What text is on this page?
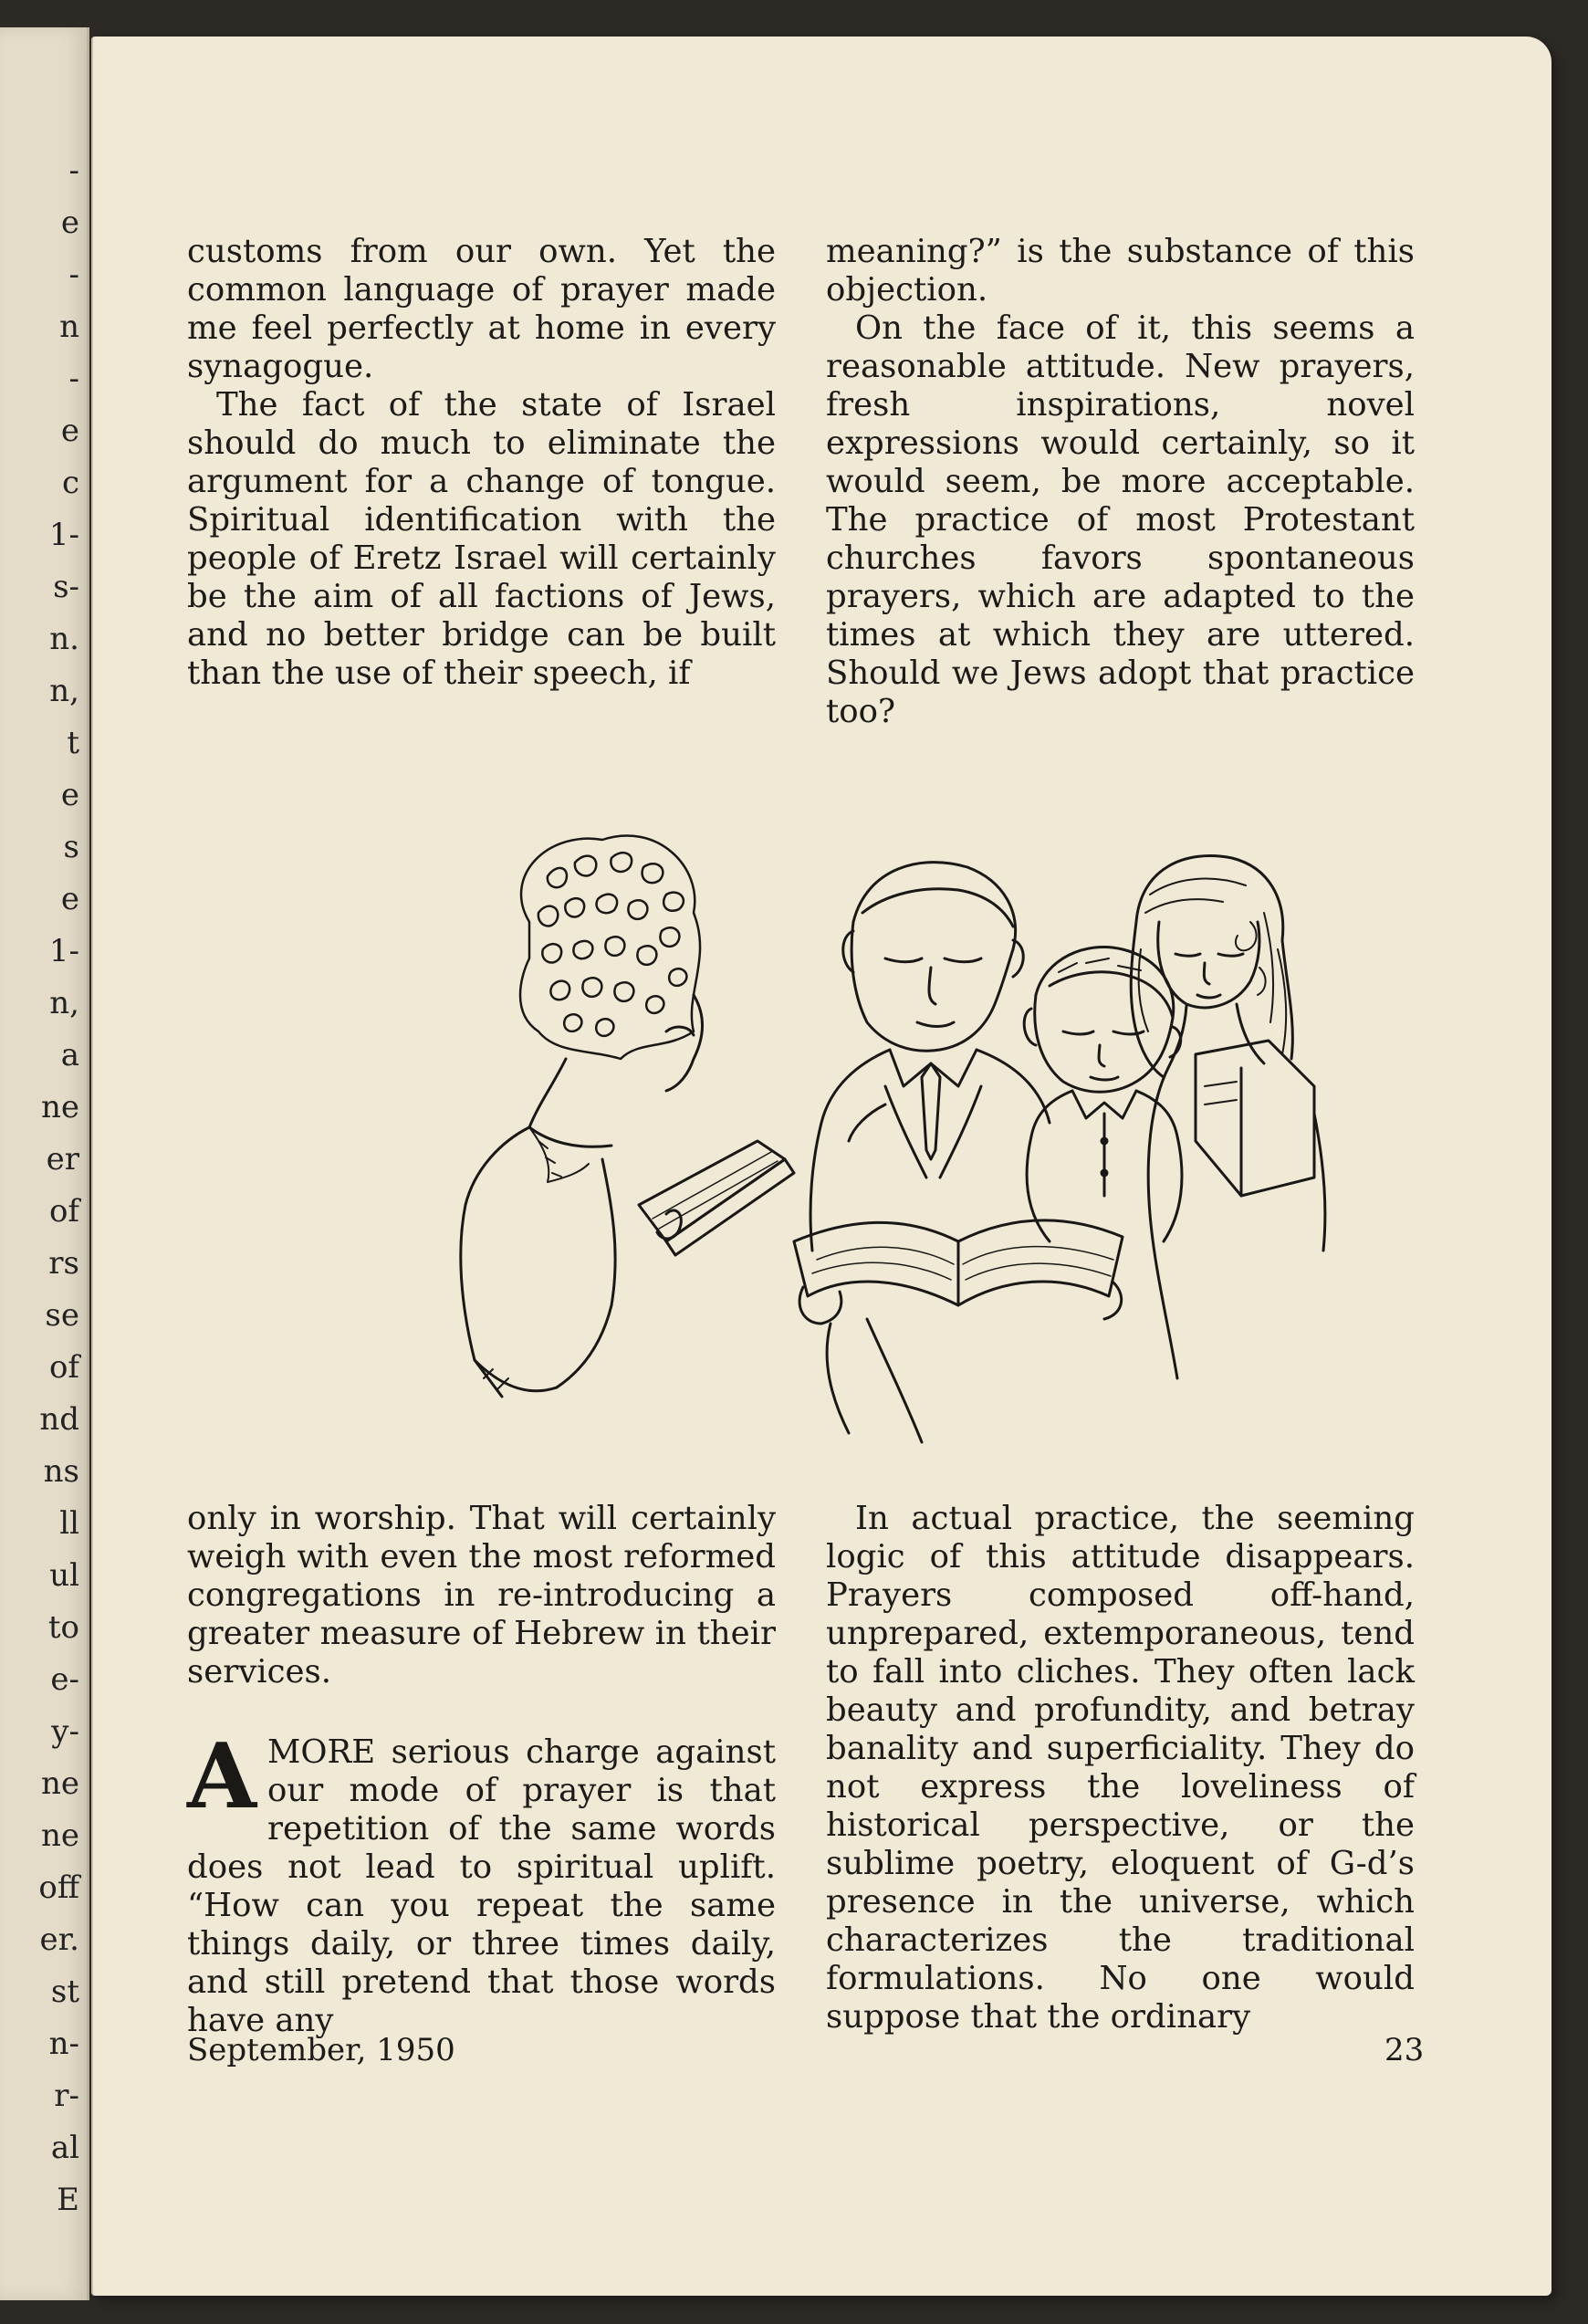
-
e
-
n
-
e
c
1-
s-
n.
n,
t
e
s
e
1-
n,
a
ne
er
of
rs
se
of
nd
ns
ll
ul
to
e-
y-
ne
ne
off
er.
st
n-
r-
al
E

customs from our own. Yet the common language of prayer made me feel perfectly at home in every synagogue.

The fact of the state of Israel should do much to eliminate the argument for a change of tongue. Spiritual identification with the people of Eretz Israel will certainly be the aim of all factions of Jews, and no better bridge can be built than the use of their speech, if

meaning?” is the substance of this objection.

On the face of it, this seems a reasonable attitude. New prayers, fresh inspirations, novel expressions would certainly, so it would seem, be more acceptable. The practice of most Protestant churches favors spontaneous prayers, which are adapted to the times at which they are uttered. Should we Jews adopt that practice too?

only in worship. That will certainly weigh with even the most reformed congregations in re-introducing a greater measure of Hebrew in their services.

AMORE serious charge against our mode of prayer is that repetition of the same words does not lead to spiritual uplift. “How can you repeat the same things daily, or three times daily, and still pretend that those words have any

In actual practice, the seeming logic of this attitude disappears. Prayers composed off-hand, unprepared, extemporaneous, tend to fall into cliches. They often lack beauty and profundity, and betray banality and superficiality. They do not express the loveliness of historical perspective, or the sublime poetry, eloquent of G-d’s presence in the universe, which characterizes the traditional formulations. No one would suppose that the ordinary

September, 1950	23
